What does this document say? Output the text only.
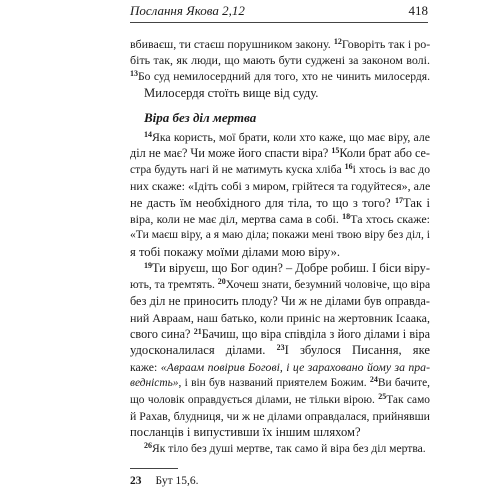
Послання Якова 2,12	418
вбиваєш, ти стаєш порушником закону. $^{12}$Говоріть так і ро-
біть так, як люди, що мають бути суджені за законом волі.
$^{13}$Бо суд немилосердний для того, хто не чинить милосердя.
Милосердя стоїть вище від суду.
Віра без діл мертва
$^{14}$Яка користь, мої брати, коли хто каже, що має віру, але
діл не має? Чи може його спасти віра? $^{15}$Коли брат або се-
стра будуть нагі й не матимуть куска хліба $^{16}$і хтось із вас до
них скаже: «Ідіть собі з миром, грійтеся та годуйтеся», але
не дасть їм необхідного для тіла, то що з того? $^{17}$Так і
віра, коли не має діл, мертва сама в собі. $^{18}$Та хтось скаже:
«Ти маєш віру, а я маю діла; покажи мені твою віру без діл, і
я тобі покажу моїми ділами мою віру».
$^{19}$Ти віруєш, що Бог один? – Добре робиш. І біси віру-
ють, та тремтять. $^{20}$Хочеш знати, безумний чоловіче, що віра
без діл не приносить плоду? Чи ж не ділами був оправда-
ний Авраам, наш батько, коли приніс на жертовник Ісаака,
свого сина? $^{21}$Бачиш, що віра співділа з його ділами і віра
удосконалилася ділами. $^{23}$І збулося Писання, яке
каже: «Авраам повірив Богові, і це зараховано йому за пра-
ведність», і він був названий приятелем Божим. $^{24}$Ви бачите,
що чоловік оправдується ділами, не тільки вірою. $^{25}$Так само
й Рахав, блудниця, чи ж не ділами оправдалася, прийнявши
посланців і випустивши їх іншим шляхом?
$^{26}$Як тіло без душі мертве, так само й віра без діл мертва.
23 Бут 15,6.
